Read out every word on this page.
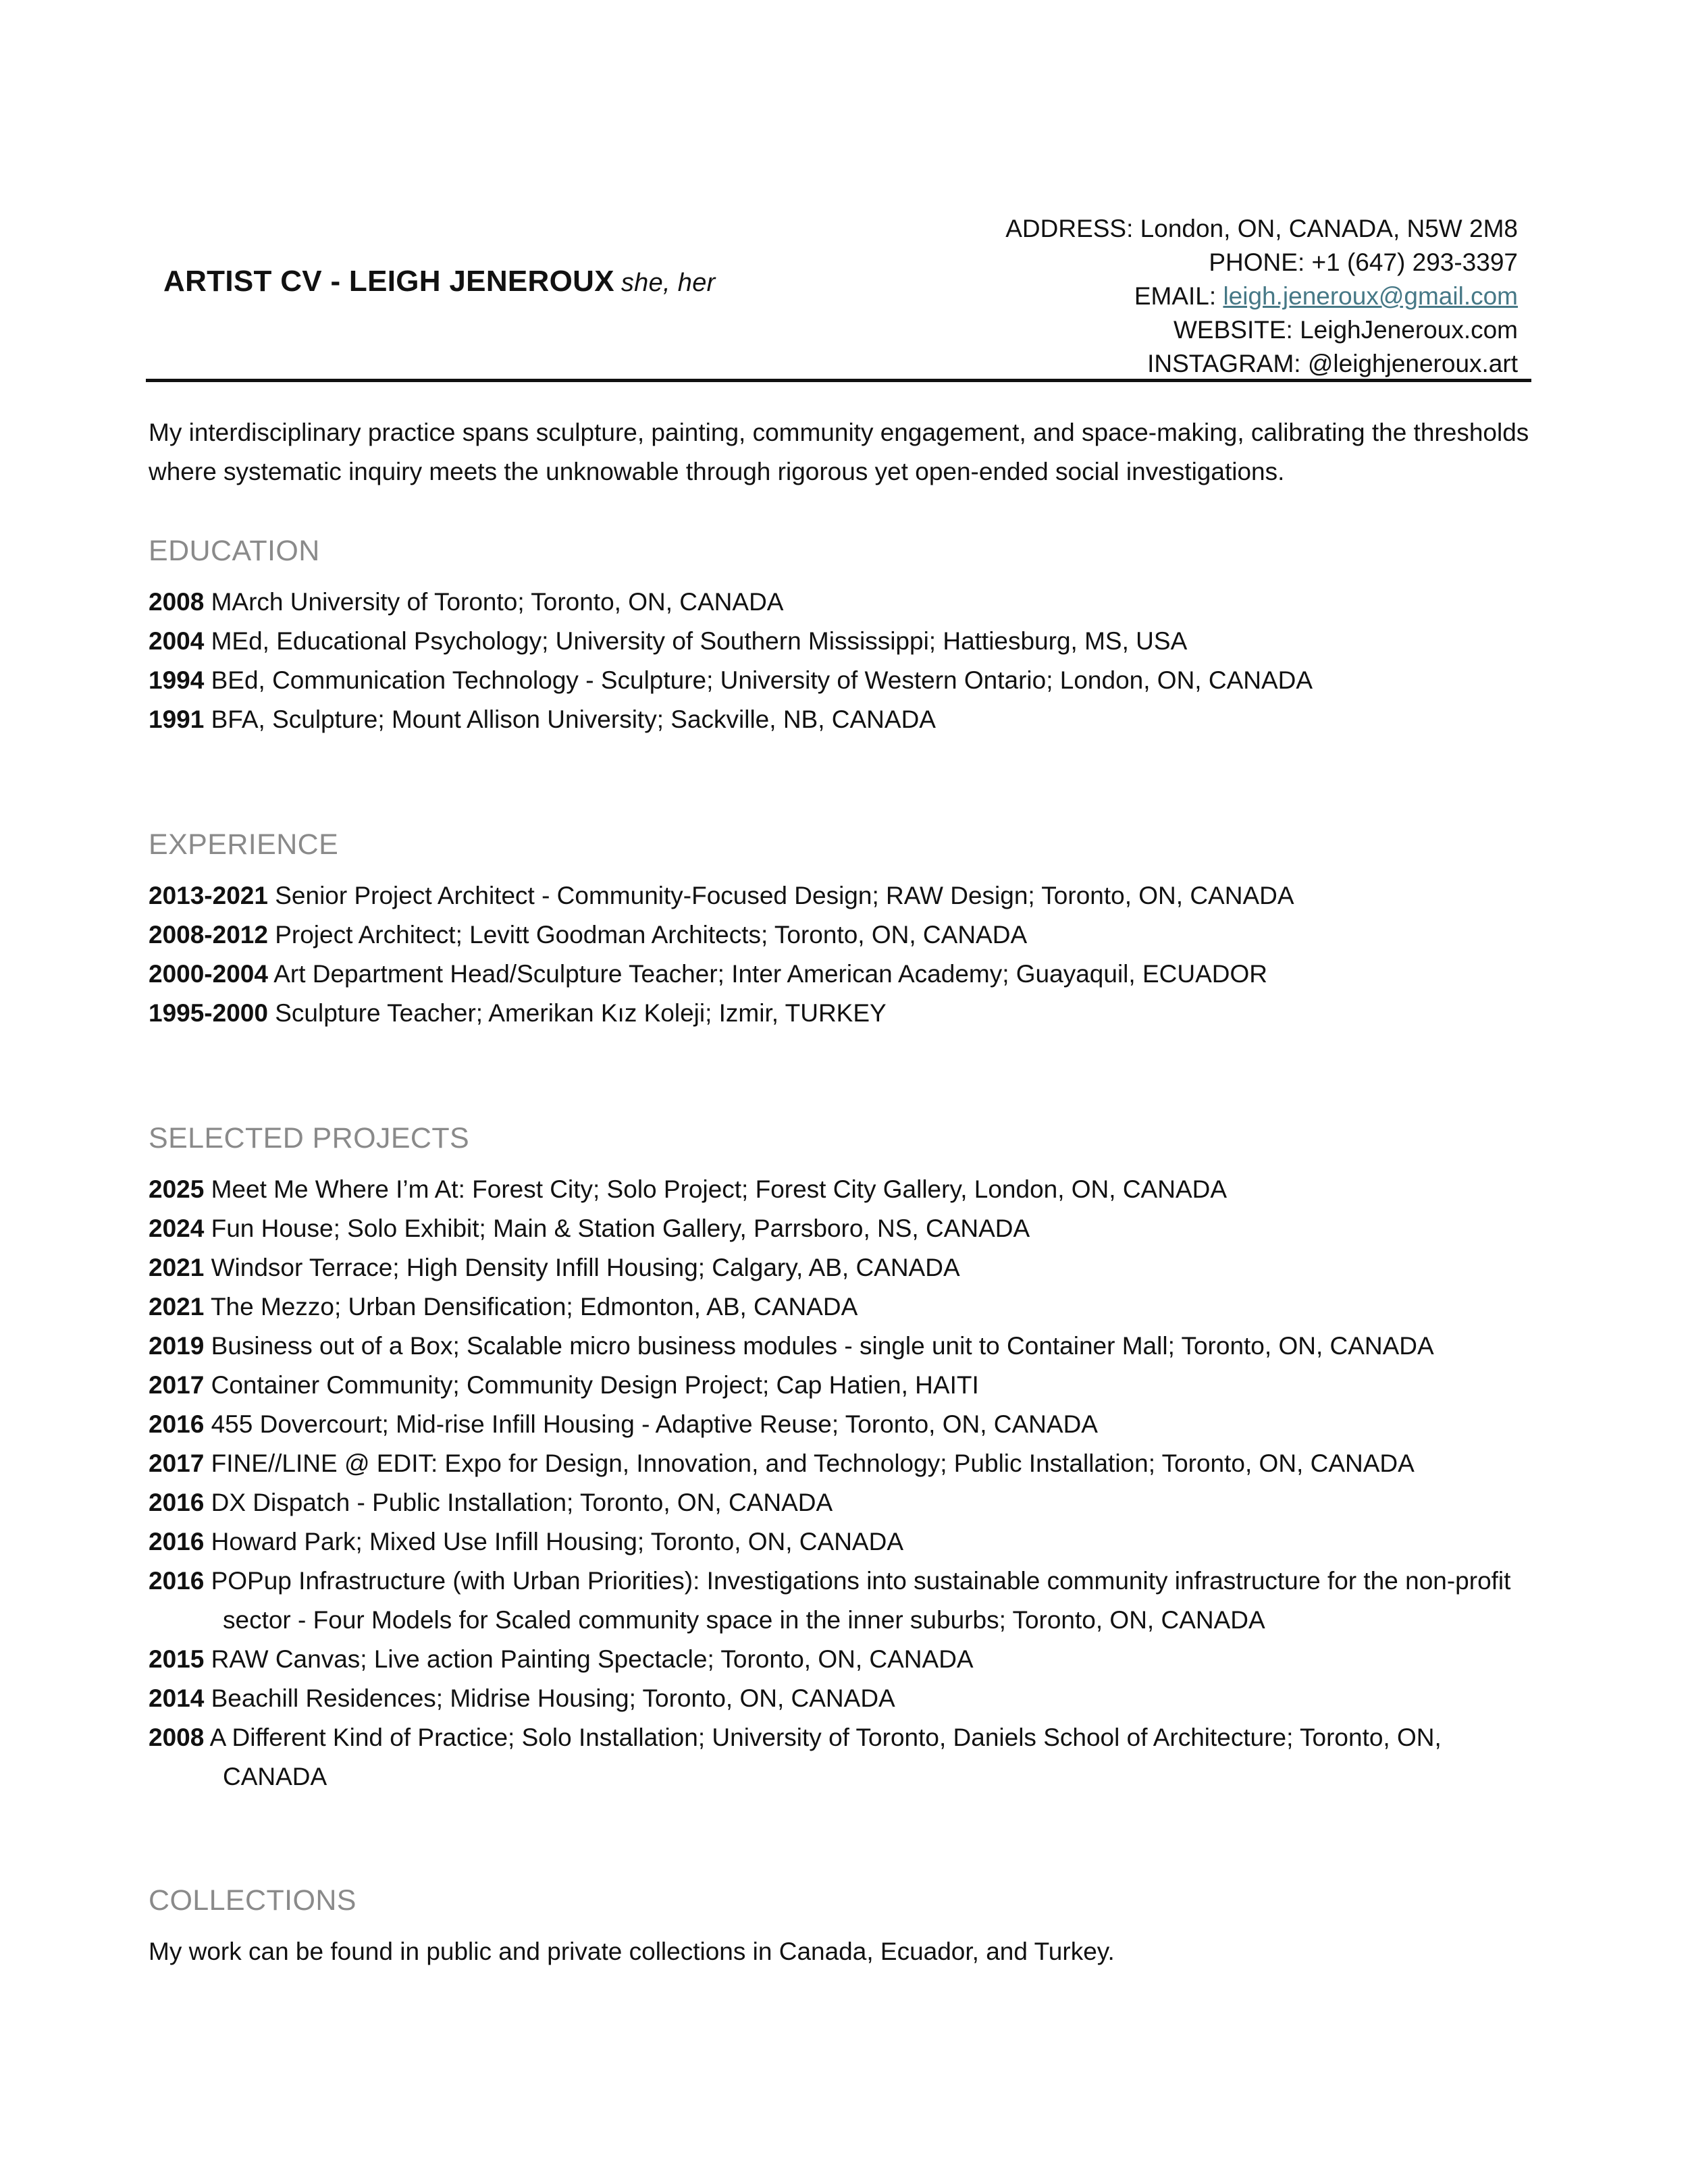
ARTIST CV - LEIGH JENEROUX she, her
ADDRESS: London, ON, CANADA, N5W 2M8
PHONE: +1 (647) 293-3397
EMAIL: leigh.jeneroux@gmail.com
WEBSITE: LeighJeneroux.com
INSTAGRAM: @leighjeneroux.art

My interdisciplinary practice spans sculpture, painting, community engagement, and space-making, calibrating the thresholds where systematic inquiry meets the unknowable through rigorous yet open-ended social investigations.

EDUCATION
2008 MArch University of Toronto; Toronto, ON, CANADA
2004 MEd, Educational Psychology; University of Southern Mississippi; Hattiesburg, MS, USA
1994 BEd, Communication Technology - Sculpture; University of Western Ontario; London, ON, CANADA
1991 BFA, Sculpture; Mount Allison University; Sackville, NB, CANADA
EXPERIENCE
2013-2021 Senior Project Architect - Community-Focused Design; RAW Design; Toronto, ON, CANADA
2008-2012 Project Architect; Levitt Goodman Architects; Toronto, ON, CANADA
2000-2004 Art Department Head/Sculpture Teacher; Inter American Academy; Guayaquil, ECUADOR
1995-2000 Sculpture Teacher; Amerikan Kız Koleji; Izmir, TURKEY
SELECTED PROJECTS
2025 Meet Me Where I’m At: Forest City; Solo Project; Forest City Gallery, London, ON, CANADA
2024 Fun House; Solo Exhibit; Main & Station Gallery, Parrsboro, NS, CANADA
2021 Windsor Terrace; High Density Infill Housing; Calgary, AB, CANADA
2021 The Mezzo; Urban Densification; Edmonton, AB, CANADA
2019 Business out of a Box; Scalable micro business modules - single unit to Container Mall; Toronto, ON, CANADA
2017 Container Community; Community Design Project; Cap Hatien, HAITI
2016 455 Dovercourt; Mid-rise Infill Housing - Adaptive Reuse; Toronto, ON, CANADA
2017 FINE//LINE @ EDIT: Expo for Design, Innovation, and Technology; Public Installation; Toronto, ON, CANADA
2016 DX Dispatch - Public Installation; Toronto, ON, CANADA
2016 Howard Park; Mixed Use Infill Housing; Toronto, ON, CANADA
2016 POPup Infrastructure (with Urban Priorities): Investigations into sustainable community infrastructure for the non-profit sector - Four Models for Scaled community space in the inner suburbs; Toronto, ON, CANADA
2015 RAW Canvas; Live action Painting Spectacle; Toronto, ON, CANADA
2014 Beachill Residences; Midrise Housing; Toronto, ON, CANADA
2008 A Different Kind of Practice; Solo Installation; University of Toronto, Daniels School of Architecture; Toronto, ON, CANADA
COLLECTIONS
My work can be found in public and private collections in Canada, Ecuador, and Turkey.
